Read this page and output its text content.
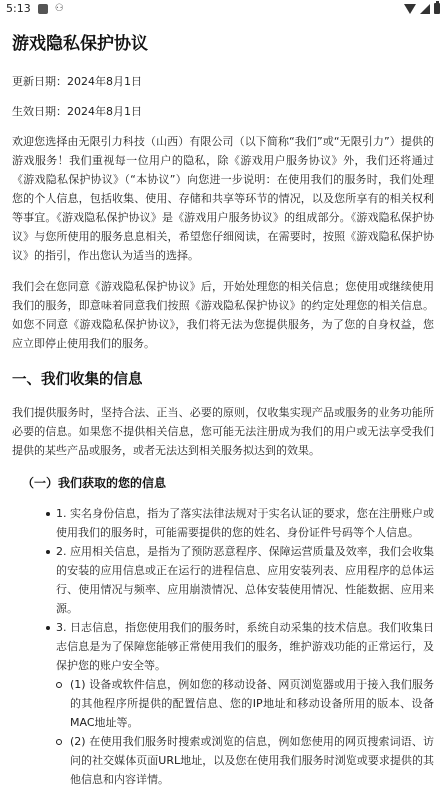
5:13 ⚇
游戏隐私保护协议

更新日期：2024年8月1日

生效日期：2024年8月1日

欢迎您选择由无限引力科技（山西）有限公司（以下简称“我们”或“无限引力”）提供的游戏服务！我们重视每一位用户的隐私，除《游戏用户服务协议》外，我们还将通过《游戏隐私保护协议》（“本协议”）向您进一步说明：在使用我们的服务时，我们处理您的个人信息，包括收集、使用、存储和共享等环节的情况，以及您所享有的相关权利等事宜。《游戏隐私保护协议》是《游戏用户服务协议》的组成部分。《游戏隐私保护协议》与您所使用的服务息息相关，希望您仔细阅读，在需要时，按照《游戏隐私保护协议》的指引，作出您认为适当的选择。

我们会在您同意《游戏隐私保护协议》后，开始处理您的相关信息；您使用或继续使用我们的服务，即意味着同意我们按照《游戏隐私保护协议》的约定处理您的相关信息。如您不同意《游戏隐私保护协议》，我们将无法为您提供服务，为了您的自身权益，您应立即停止使用我们的服务。

一、我们收集的信息

我们提供服务时，坚持合法、正当、必要的原则，仅收集实现产品或服务的业务功能所必要的信息。如果您不提供相关信息，您可能无法注册成为我们的用户或无法享受我们提供的某些产品或服务，或者无法达到相关服务拟达到的效果。

（一）我们获取的您的信息
1. 实名身份信息，指为了落实法律法规对于实名认证的要求，您在注册账户或使用我们的服务时，可能需要提供的您的姓名、身份证件号码等个人信息。
2. 应用相关信息，是指为了预防恶意程序、保障运营质量及效率，我们会收集的安装的应用信息或正在运行的进程信息、应用安装列表、应用程序的总体运行、使用情况与频率、应用崩溃情况、总体安装使用情况、性能数据、应用来源。
3. 日志信息，指您使用我们的服务时，系统自动采集的技术信息。我们收集日志信息是为了保障您能够正常使用我们的服务，维护游戏功能的正常运行，及保护您的账户安全等。
(1) 设备或软件信息，例如您的移动设备、网页浏览器或用于接入我们服务的其他程序所提供的配置信息、您的IP地址和移动设备所用的版本、设备MAC地址等。
(2) 在使用我们服务时搜索或浏览的信息，例如您使用的网页搜索词语、访问的社交媒体页面URL地址，以及您在使用我们服务时浏览或要求提供的其他信息和内容详情。
